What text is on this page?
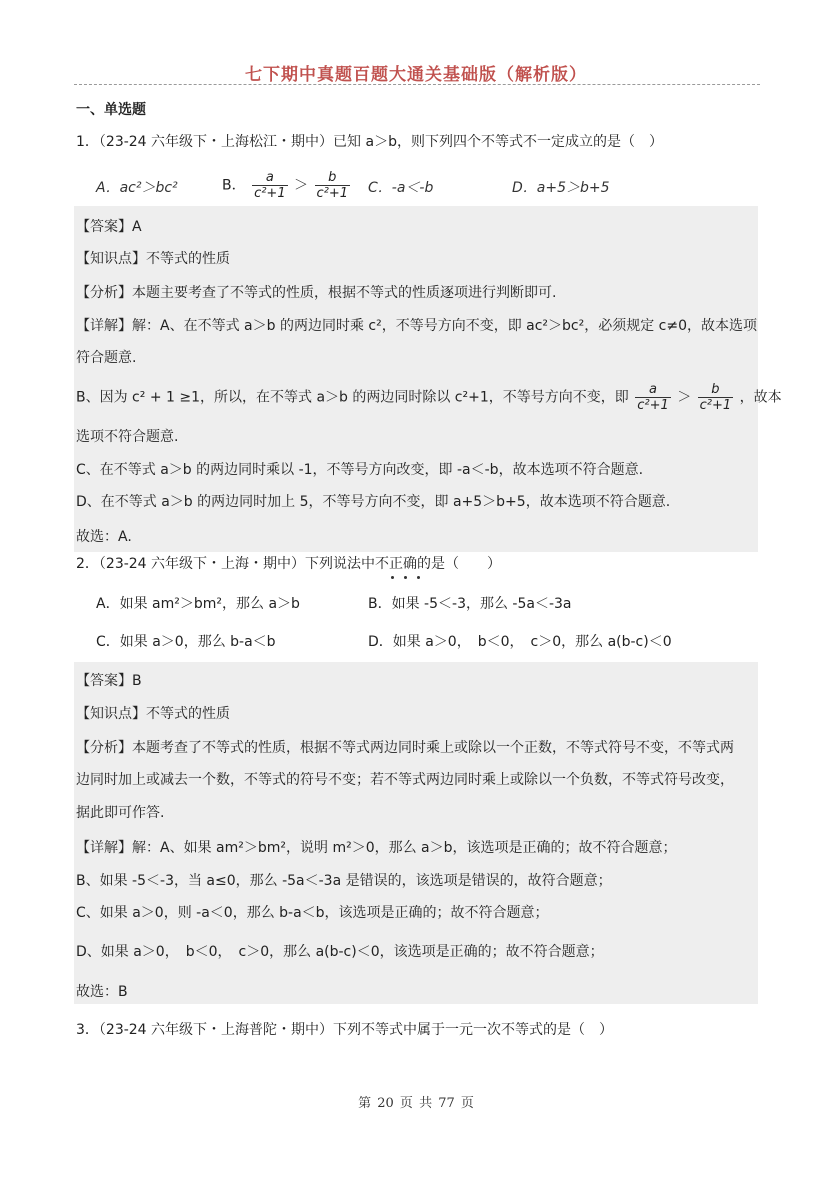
七下期中真题百题大通关基础版（解析版）
一、单选题
1．（23-24 六年级下・上海松江・期中）已知 a＞b，则下列四个不等式不一定成立的是（　）
A．ac²＞bc²	B． $\frac{a}{\text{c²+1}} > \frac{b}{\text{c²+1}}$ C．-a＜-b	D．a+5＞b+5
【答案】A
【知识点】不等式的性质
【分析】本题主要考查了不等式的性质，根据不等式的性质逐项进行判断即可.
【详解】解：A、在不等式 a＞b 的两边同时乘 c²，不等号方向不变，即 ac²＞bc²，必须规定 c≠0，故本选项
符合题意.
B、因为 c² + 1 ≥1，所以，在不等式 a＞b 的两边同时除以 c²+1，不等号方向不变，即 $\frac{a}{\text{c²+1}} > \frac{b}{\text{c²+1}}$ ，故本
选项不符合题意.
C、在不等式 a＞b 的两边同时乘以 -1，不等号方向改变，即 -a＜-b，故本选项不符合题意.
D、在不等式 a＞b 的两边同时加上 5，不等号方向不变，即 a+5＞b+5，故本选项不符合题意.
故选：A.
2．（23-24 六年级下・上海・期中）下列说法中不正确的是（　　）
A．如果 am²＞bm²，那么 a＞b	B．如果 -5＜-3，那么 -5a＜-3a
C．如果 a＞0，那么 b-a＜b	D．如果 a＞0，　b＜0，　c＞0，那么 a(b-c)＜0
【答案】B
【知识点】不等式的性质
【分析】本题考查了不等式的性质，根据不等式两边同时乘上或除以一个正数，不等式符号不变，不等式两
边同时加上或减去一个数，不等式的符号不变；若不等式两边同时乘上或除以一个负数，不等式符号改变，
据此即可作答.
【详解】解：A、如果 am²＞bm²，说明 m²＞0，那么 a＞b，该选项是正确的；故不符合题意；
B、如果 -5＜-3，当 a≤0，那么 -5a＜-3a 是错误的，该选项是错误的，故符合题意；
C、如果 a＞0，则 -a＜0，那么 b-a＜b，该选项是正确的；故不符合题意；
D、如果 a＞0，　b＜0，　c＞0，那么 a(b-c)＜0，该选项是正确的；故不符合题意；
故选：B
3．（23-24 六年级下・上海普陀・期中）下列不等式中属于一元一次不等式的是（　）
第 20 页 共 77 页
